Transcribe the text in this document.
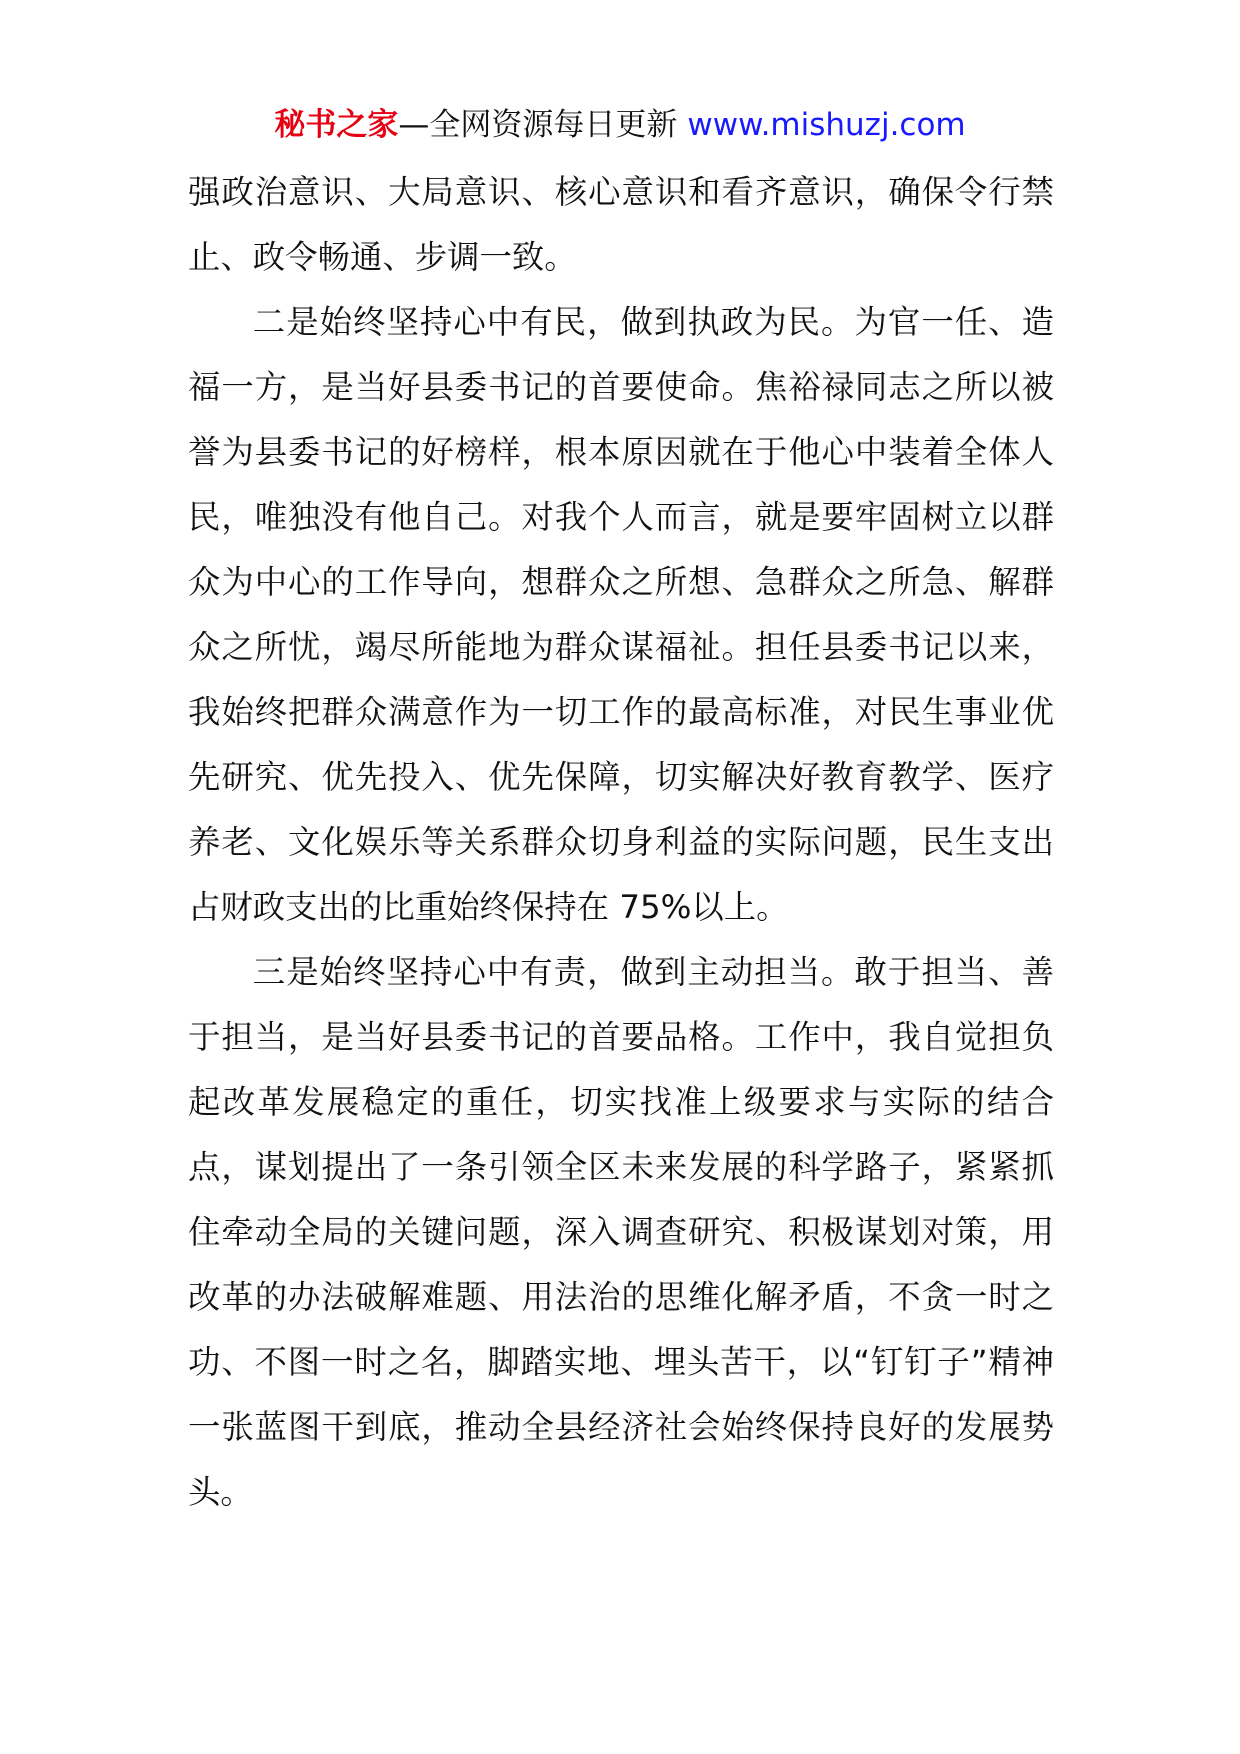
秘书之家—全网资源每日更新 www.mishuzj.com

强政治意识、大局意识、核心意识和看齐意识，确保令行禁止、政令畅通、步调一致。

二是始终坚持心中有民，做到执政为民。为官一任、造福一方，是当好县委书记的首要使命。焦裕禄同志之所以被誉为县委书记的好榜样，根本原因就在于他心中装着全体人民，唯独没有他自己。对我个人而言，就是要牢固树立以群众为中心的工作导向，想群众之所想、急群众之所急、解群众之所忧，竭尽所能地为群众谋福祉。担任县委书记以来，我始终把群众满意作为一切工作的最高标准，对民生事业优先研究、优先投入、优先保障，切实解决好教育教学、医疗养老、文化娱乐等关系群众切身利益的实际问题，民生支出占财政支出的比重始终保持在 75%以上。

三是始终坚持心中有责，做到主动担当。敢于担当、善于担当，是当好县委书记的首要品格。工作中，我自觉担负起改革发展稳定的重任，切实找准上级要求与实际的结合点，谋划提出了一条引领全区未来发展的科学路子，紧紧抓住牵动全局的关键问题，深入调查研究、积极谋划对策，用改革的办法破解难题、用法治的思维化解矛盾，不贪一时之功、不图一时之名，脚踏实地、埋头苦干，以“钉钉子”精神一张蓝图干到底，推动全县经济社会始终保持良好的发展势头。
